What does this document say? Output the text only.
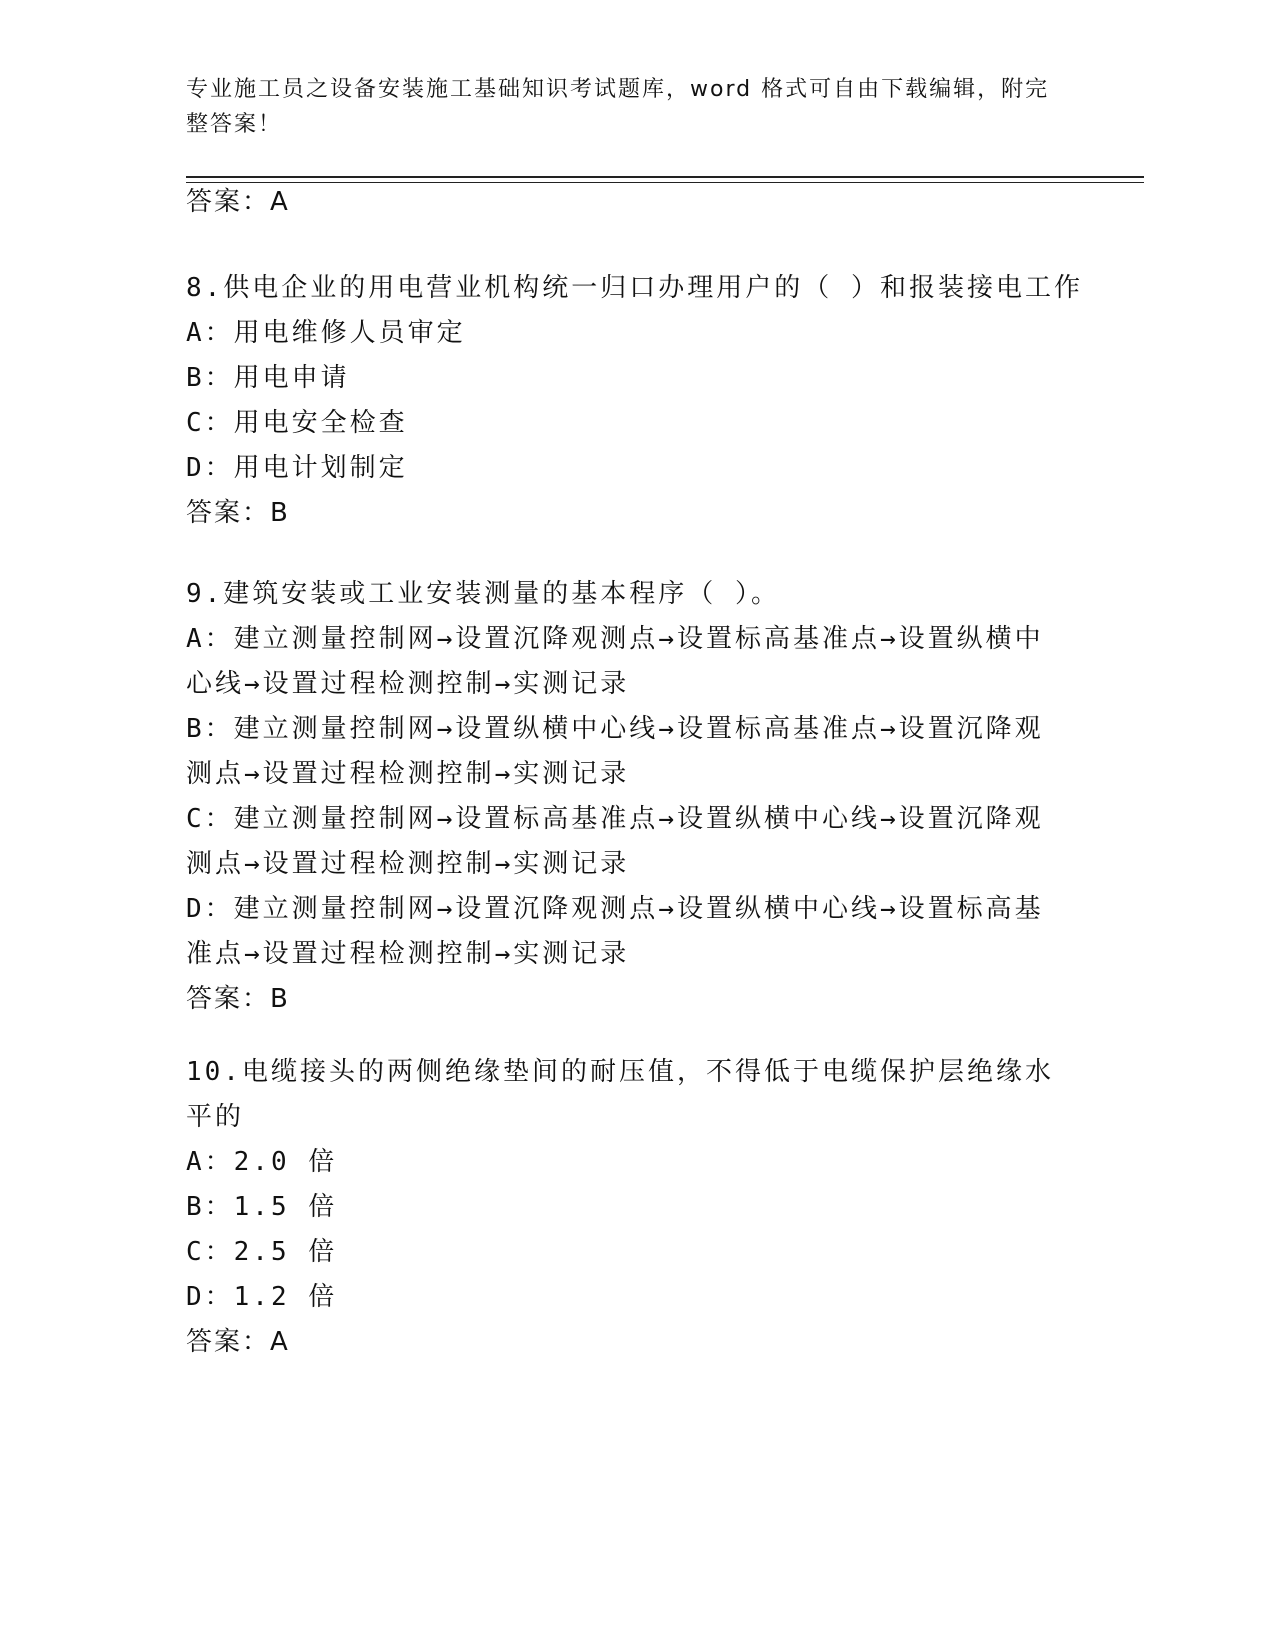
专业施工员之设备安装施工基础知识考试题库，word 格式可自由下载编辑，附完整答案！
答案：A
8.供电企业的用电营业机构统一归口办理用户的（ ）和报装接电工作
A：用电维修人员审定
B：用电申请
C：用电安全检查
D：用电计划制定
答案：B
9.建筑安装或工业安装测量的基本程序（ ）。
A：建立测量控制网→设置沉降观测点→设置标高基准点→设置纵横中心线→设置过程检测控制→实测记录
B：建立测量控制网→设置纵横中心线→设置标高基准点→设置沉降观测点→设置过程检测控制→实测记录
C：建立测量控制网→设置标高基准点→设置纵横中心线→设置沉降观测点→设置过程检测控制→实测记录
D：建立测量控制网→设置沉降观测点→设置纵横中心线→设置标高基准点→设置过程检测控制→实测记录
答案：B
10.电缆接头的两侧绝缘垫间的耐压值，不得低于电缆保护层绝缘水平的
A：2.0 倍
B：1.5 倍
C：2.5 倍
D：1.2 倍
答案：A
